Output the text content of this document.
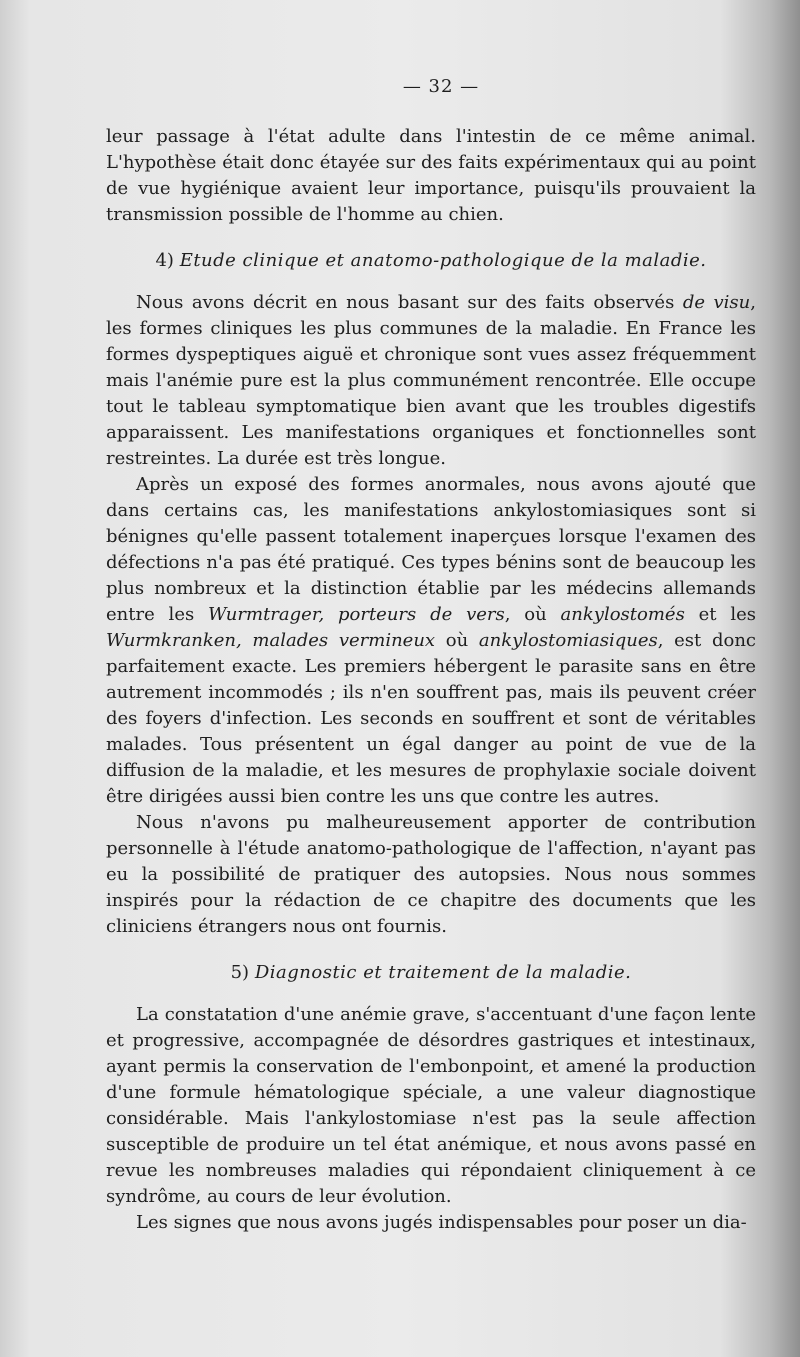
— 32 —

leur passage à l'état adulte dans l'intestin de ce même animal. L'hypothèse était donc étayée sur des faits expérimentaux qui au point de vue hygiénique avaient leur importance, puisqu'ils prouvaient la transmission possible de l'homme au chien.

4) Etude clinique et anatomo-pathologique de la maladie.

Nous avons décrit en nous basant sur des faits observés de visu, les formes cliniques les plus communes de la maladie. En France les formes dyspeptiques aiguë et chronique sont vues assez fréquemment mais l'anémie pure est la plus communément rencontrée. Elle occupe tout le tableau symptomatique bien avant que les troubles digestifs apparaissent. Les manifestations organiques et fonctionnelles sont restreintes. La durée est très longue.

Après un exposé des formes anormales, nous avons ajouté que dans certains cas, les manifestations ankylostomiasiques sont si bénignes qu'elle passent totalement inaperçues lorsque l'examen des défections n'a pas été pratiqué. Ces types bénins sont de beaucoup les plus nombreux et la distinction établie par les médecins allemands entre les Wurmtrager, porteurs de vers, où ankylostomés et les Wurmkranken, malades vermineux où ankylostomiasiques, est donc parfaitement exacte. Les premiers hébergent le parasite sans en être autrement incommodés ; ils n'en souffrent pas, mais ils peuvent créer des foyers d'infection. Les seconds en souffrent et sont de véritables malades. Tous présentent un égal danger au point de vue de la diffusion de la maladie, et les mesures de prophylaxie sociale doivent être dirigées aussi bien contre les uns que contre les autres.

Nous n'avons pu malheureusement apporter de contribution personnelle à l'étude anatomo-pathologique de l'affection, n'ayant pas eu la possibilité de pratiquer des autopsies. Nous nous sommes inspirés pour la rédaction de ce chapitre des documents que les cliniciens étrangers nous ont fournis.

5) Diagnostic et traitement de la maladie.

La constatation d'une anémie grave, s'accentuant d'une façon lente et progressive, accompagnée de désordres gastriques et intestinaux, ayant permis la conservation de l'embonpoint, et amené la production d'une formule hématologique spéciale, a une valeur diagnostique considérable. Mais l'ankylostomiase n'est pas la seule affection susceptible de produire un tel état anémique, et nous avons passé en revue les nombreuses maladies qui répondaient cliniquement à ce syndrôme, au cours de leur évolution.

Les signes que nous avons jugés indispensables pour poser un dia-
